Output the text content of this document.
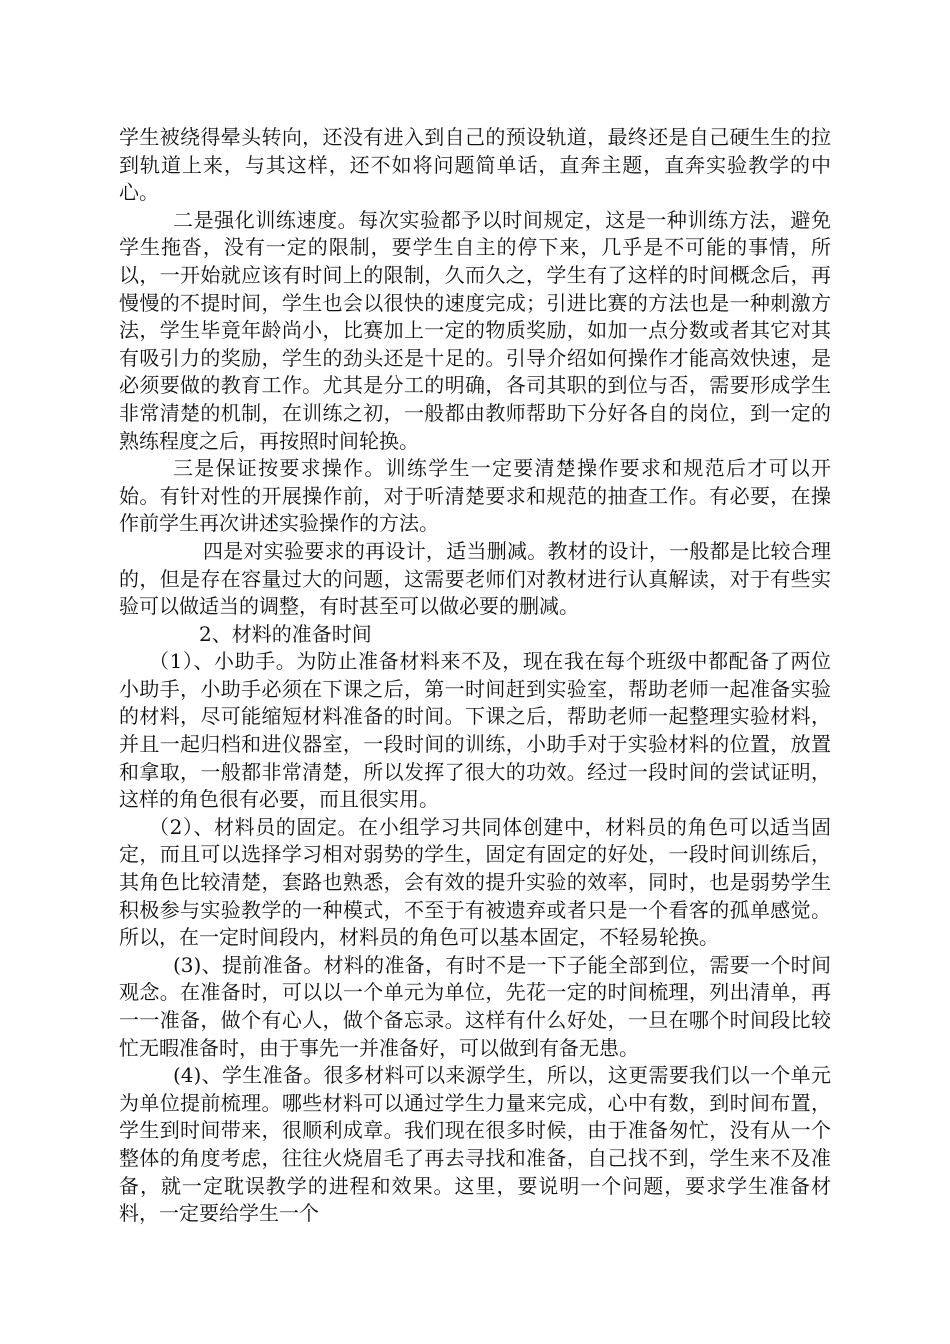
学生被绕得晕头转向，还没有进入到自己的预设轨道，最终还是自己硬生生的拉到轨道上来，与其这样，还不如将问题简单话，直奔主题，直奔实验教学的中心。

二是强化训练速度。每次实验都予以时间规定，这是一种训练方法，避免学生拖沓，没有一定的限制，要学生自主的停下来，几乎是不可能的事情，所以，一开始就应该有时间上的限制，久而久之，学生有了这样的时间概念后，再慢慢的不提时间，学生也会以很快的速度完成；引进比赛的方法也是一种刺激方法，学生毕竟年龄尚小，比赛加上一定的物质奖励，如加一点分数或者其它对其有吸引力的奖励，学生的劲头还是十足的。引导介绍如何操作才能高效快速，是必须要做的教育工作。尤其是分工的明确，各司其职的到位与否，需要形成学生非常清楚的机制，在训练之初，一般都由教师帮助下分好各自的岗位，到一定的熟练程度之后，再按照时间轮换。

三是保证按要求操作。训练学生一定要清楚操作要求和规范后才可以开始。有针对性的开展操作前，对于听清楚要求和规范的抽查工作。有必要，在操作前学生再次讲述实验操作的方法。

四是对实验要求的再设计，适当删减。教材的设计，一般都是比较合理的，但是存在容量过大的问题，这需要老师们对教材进行认真解读，对于有些实验可以做适当的调整，有时甚至可以做必要的删减。

2、材料的准备时间

（1）、小助手。为防止准备材料来不及，现在我在每个班级中都配备了两位小助手，小助手必须在下课之后，第一时间赶到实验室，帮助老师一起准备实验的材料，尽可能缩短材料准备的时间。下课之后，帮助老师一起整理实验材料，并且一起归档和进仪器室，一段时间的训练，小助手对于实验材料的位置，放置和拿取，一般都非常清楚，所以发挥了很大的功效。经过一段时间的尝试证明，这样的角色很有必要，而且很实用。

（2）、材料员的固定。在小组学习共同体创建中，材料员的角色可以适当固定，而且可以选择学习相对弱势的学生，固定有固定的好处，一段时间训练后，其角色比较清楚，套路也熟悉，会有效的提升实验的效率，同时，也是弱势学生积极参与实验教学的一种模式，不至于有被遗弃或者只是一个看客的孤单感觉。所以，在一定时间段内，材料员的角色可以基本固定，不轻易轮换。

(3)、提前准备。材料的准备，有时不是一下子能全部到位，需要一个时间观念。在准备时，可以以一个单元为单位，先花一定的时间梳理，列出清单，再一一准备，做个有心人，做个备忘录。这样有什么好处，一旦在哪个时间段比较忙无暇准备时，由于事先一并准备好，可以做到有备无患。

(4)、学生准备。很多材料可以来源学生，所以，这更需要我们以一个单元为单位提前梳理。哪些材料可以通过学生力量来完成，心中有数，到时间布置，学生到时间带来，很顺利成章。我们现在很多时候，由于准备匆忙，没有从一个整体的角度考虑，往往火烧眉毛了再去寻找和准备，自己找不到，学生来不及准备，就一定耽误教学的进程和效果。这里，要说明一个问题，要求学生准备材料，一定要给学生一个
